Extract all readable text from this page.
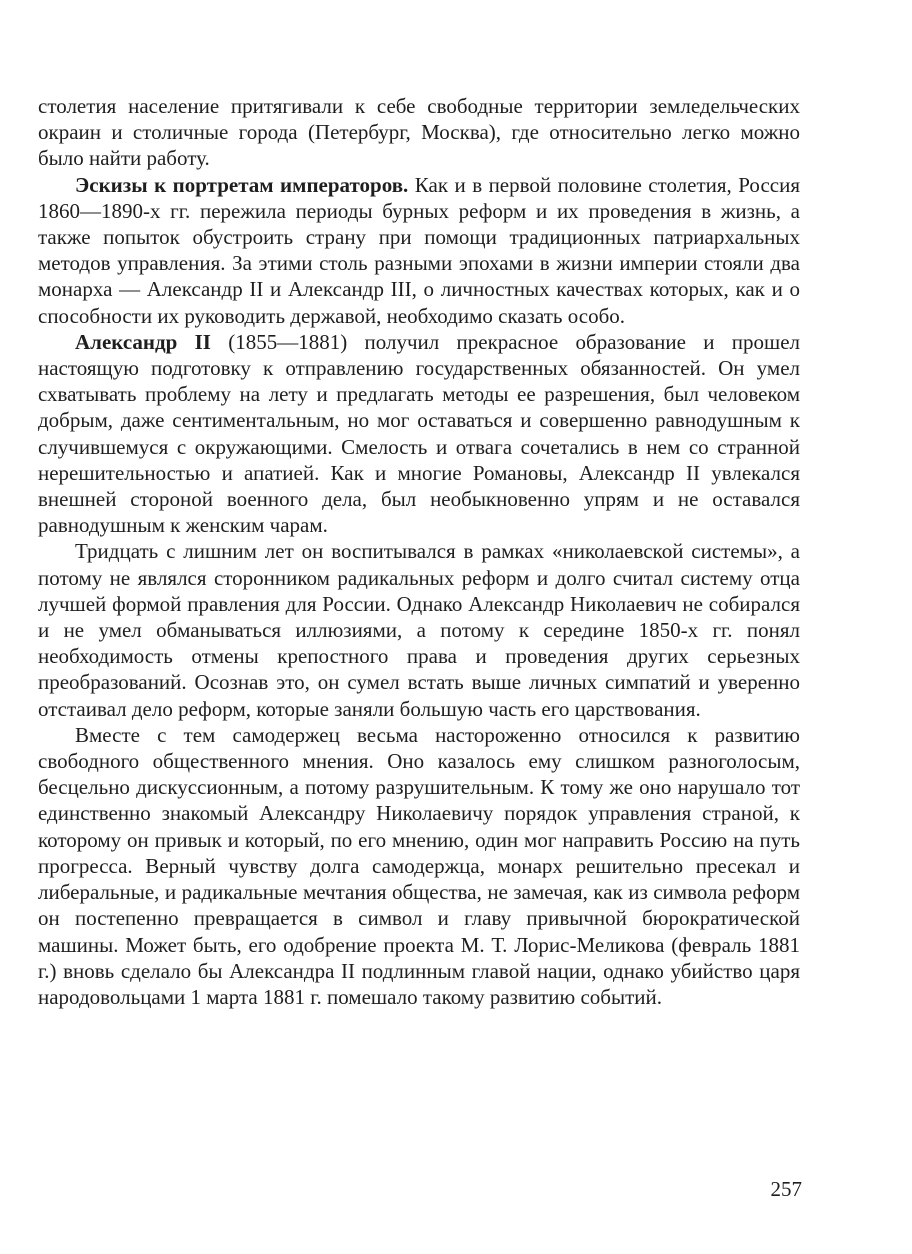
столетия население притягивали к себе свободные территории земледельческих окраин и столичные города (Петербург, Москва), где относительно легко можно было найти работу.

Эскизы к портретам императоров. Как и в первой половине столетия, Россия 1860—1890-х гг. пережила периоды бурных реформ и их проведения в жизнь, а также попыток обустроить страну при помощи традиционных патриархальных методов управления. За этими столь разными эпохами в жизни империи стояли два монарха — Александр II и Александр III, о личностных качествах которых, как и о способности их руководить державой, необходимо сказать особо.

Александр II (1855—1881) получил прекрасное образование и прошел настоящую подготовку к отправлению государственных обязанностей. Он умел схватывать проблему на лету и предлагать методы ее разрешения, был человеком добрым, даже сентиментальным, но мог оставаться и совершенно равнодушным к случившемуся с окружающими. Смелость и отвага сочетались в нем со странной нерешительностью и апатией. Как и многие Романовы, Александр II увлекался внешней стороной военного дела, был необыкновенно упрям и не оставался равнодушным к женским чарам.

Тридцать с лишним лет он воспитывался в рамках «николаевской системы», а потому не являлся сторонником радикальных реформ и долго считал систему отца лучшей формой правления для России. Однако Александр Николаевич не собирался и не умел обманываться иллюзиями, а потому к середине 1850-х гг. понял необходимость отмены крепостного права и проведения других серьезных преобразований. Осознав это, он сумел встать выше личных симпатий и уверенно отстаивал дело реформ, которые заняли большую часть его царствования.

Вместе с тем самодержец весьма настороженно относился к развитию свободного общественного мнения. Оно казалось ему слишком разноголосым, бесцельно дискуссионным, а потому разрушительным. К тому же оно нарушало тот единственно знакомый Александру Николаевичу порядок управления страной, к которому он привык и который, по его мнению, один мог направить Россию на путь прогресса. Верный чувству долга самодержца, монарх решительно пресекал и либеральные, и радикальные мечтания общества, не замечая, как из символа реформ он постепенно превращается в символ и главу привычной бюрократической машины. Может быть, его одобрение проекта М. Т. Лорис-Меликова (февраль 1881 г.) вновь сделало бы Александра II подлинным главой нации, однако убийство царя народовольцами 1 марта 1881 г. помешало такому развитию событий.

257
